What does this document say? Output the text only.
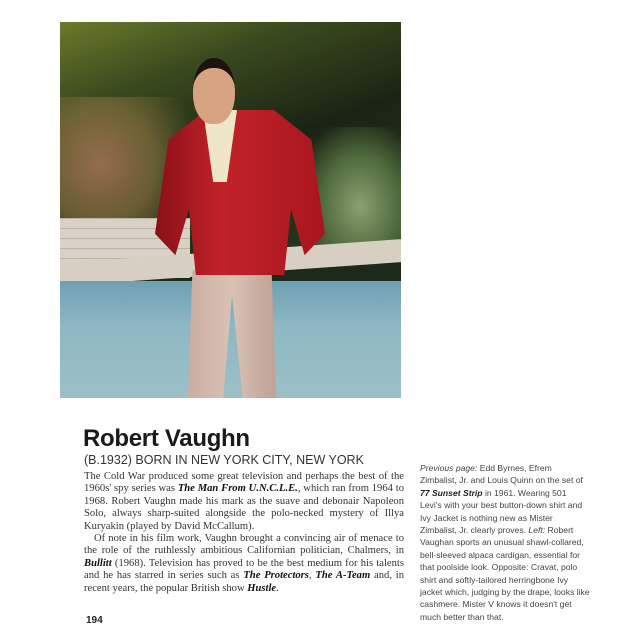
Robert Vaughn
(B.1932) BORN IN NEW YORK CITY, NEW YORK

The Cold War produced some great television and perhaps the best of the 1960s' spy series was The Man From U.N.C.L.E., which ran from 1964 to 1968. Robert Vaughn made his mark as the suave and debonair Napoleon Solo, always sharp-suited alongside the polo-necked mystery of Illya Kuryakin (played by David McCallum).

Of note in his film work, Vaughn brought a convincing air of menace to the role of the ruthlessly ambitious Californian politician, Chalmers, in Bullitt (1968). Television has proved to be the best medium for his talents and he has starred in series such as The Protectors, The A-Team and, in recent years, the popular British show Hustle.

Previous page: Edd Byrnes, Efrem Zimbalist, Jr. and Louis Quinn on the set of 77 Sunset Strip in 1961. Wearing 501 Levi's with your best button-down shirt and Ivy Jacket is nothing new as Mister Zimbalist, Jr. clearly proves. Left: Robert Vaughan sports an unusual shawl-collared, bell-sleeved alpaca cardigan, essential for that poolside look. Opposite: Cravat, polo shirt and softly-tailored herringbone Ivy jacket which, judging by the drape, looks like cashmere. Mister V knows it doesn't get much better than that.
194
